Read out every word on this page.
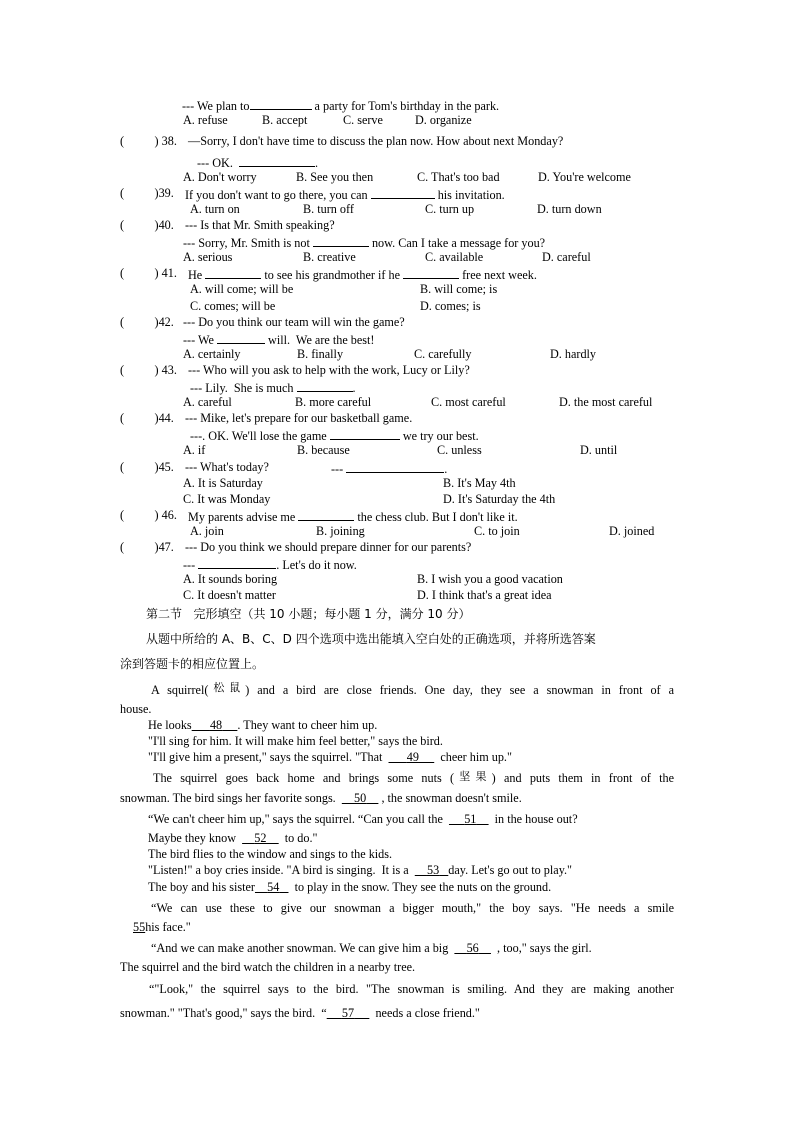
--- We plan to	a party for Tom's birthday in the park.
A. refuse	B. accept	C. serve	D. organize
(          ) 38. —Sorry, I don't have time to discuss the plan now. How about next Monday?
--- OK.	.
A. Don't worry	B. See you then	C. That's too bad	D. You're welcome
(          )39. If you don't want to go there, you can	his invitation.
A. turn on	B. turn off	C. turn up	D. turn down
(          )40. --- Is that Mr. Smith speaking?
--- Sorry, Mr. Smith is not	now. Can I take a message for you?
A. serious	B. creative	C. available	D. careful
(          ) 41. He	to see his grandmother if he	free next week.
A. will come; will be	B. will come; is
C. comes; will be	D. comes; is
(          )42. --- Do you think our team will win the game?
--- We	will.  We are the best!
A. certainly	B. finally	C. carefully	D. hardly
(          ) 43. --- Who will you ask to help with the work, Lucy or Lily?
--- Lily.  She is much	.
A. careful	B. more careful	C. most careful	D. the most careful
(          )44. --- Mike, let's prepare for our basketball game.
---. OK. We'll lose the game	we try our best.
A. if	B. because	C. unless	D. until
(          )45. --- What's today?	---	.
A. It is Saturday	B. It's May 4th
C. It was Monday	D. It's Saturday the 4th
(          ) 46. My parents advise me	the chess club. But I don't like it.
A. join	B. joining	C. to join	D. joined
(          )47. --- Do you think we should prepare dinner for our parents?
---	. Let's do it now.
A. It sounds boring	B. I wish you a good vacation
C. It doesn't matter	D. I think that's a great idea
第二节   完形填空（共 10 小题；每小题 1 分，满分 10 分）
从题中所给的 A、B、C、D 四个选项中选出能填入空白处的正确选项，并将所选答案
涂到答题卡的相应位置上。
A squirrel(松鼠) and a bird are close friends. One day, they see a snowman in front of a
house.
He looks 48 . They want to cheer him up.
"I'll sing for him. It will make him feel better," says the bird.
"I'll give him a present," says the squirrel. "That 49 cheer him up."
The squirrel goes back home and brings some nuts (坚果) and puts them in front of the
snowman. The bird sings her favorite songs. 50 , the snowman doesn't smile.
“We can't cheer him up," says the squirrel. “Can you call the 51 in the house out?
Maybe they know 52 to do."
The bird flies to the window and sings to the kids.
"Listen!" a boy cries inside. "A bird is singing.  It is a 53 day. Let's go out to play."
The boy and his sister 54 to play in the snow. They see the nuts on the ground.
“We can use these to give our snowman a bigger mouth," the boy says. "He needs a smile
55his face."
“And we can make another snowman. We can give him a big 56 , too," says the girl.
The squirrel and the bird watch the children in a nearby tree.
“"Look," the squirrel says to the bird. "The snowman is smiling. And they are making another
snowman." "That's good," says the bird.  “ 57 needs a close friend."
